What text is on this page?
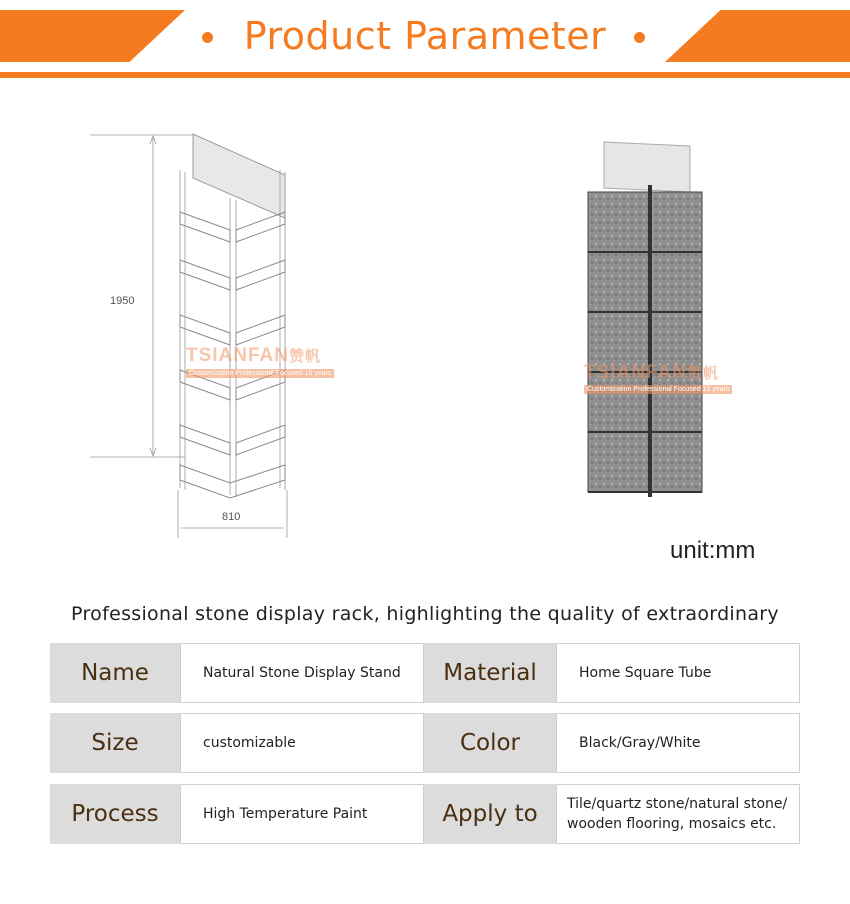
Product Parameter
1950
810
TSIANFAN赞帆
Customization Professional Focused 15 years	TSIANFAN赞帆
Customization Professional Focused 15 years
unit:mm
Professional stone display rack, highlighting the quality of extraordinary
Name	Natural Stone Display Stand	Material	Home Square Tube
Size	customizable	Color	Black/Gray/White
Process	High Temperature Paint	Apply to	Tile/quartz stone/natural stone/
wooden flooring, mosaics etc.
